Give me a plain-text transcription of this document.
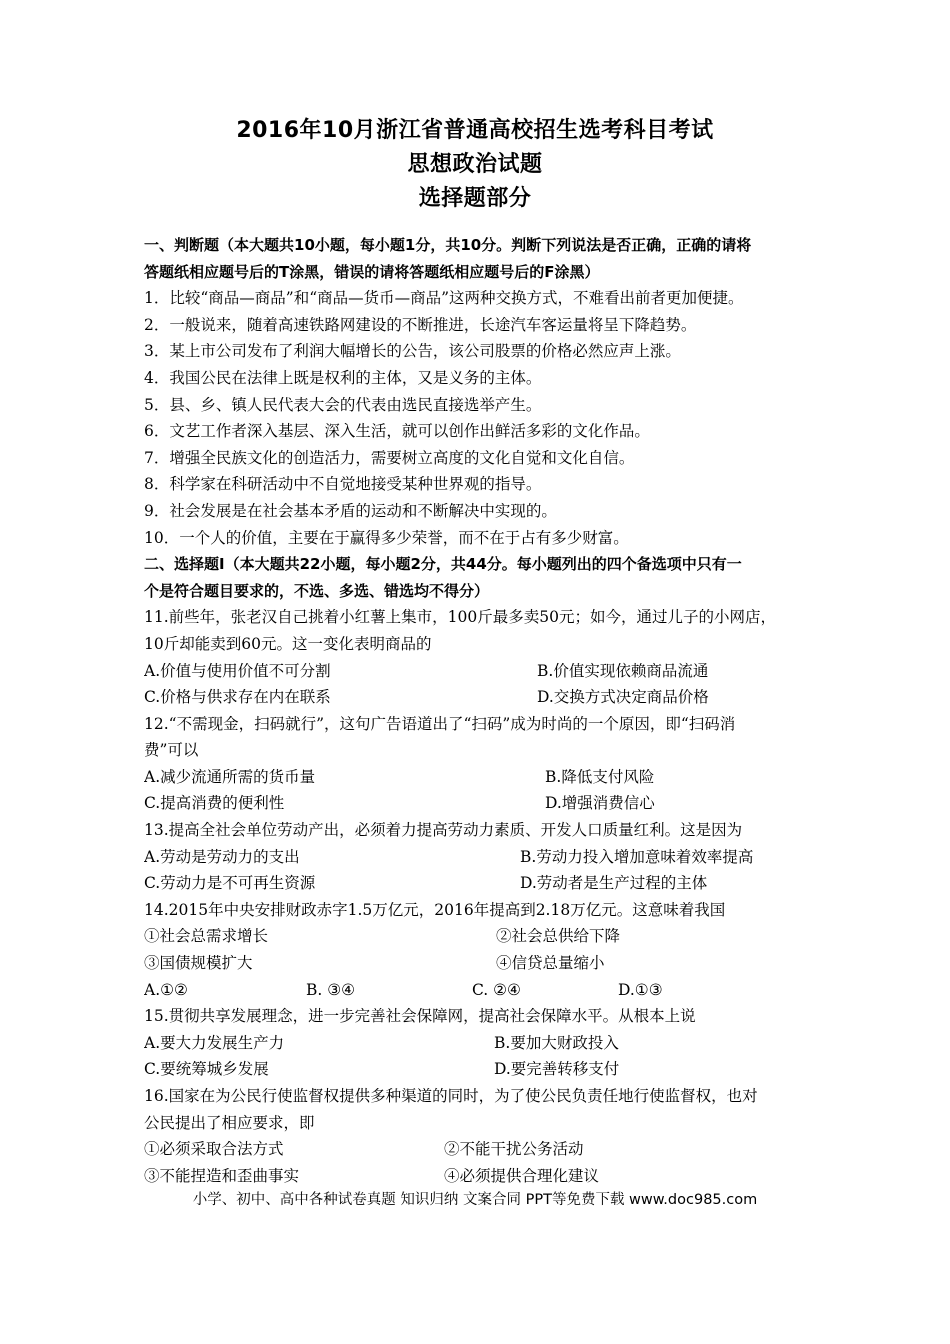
2016年10月浙江省普通高校招生选考科目考试
思想政治试题
选择题部分
一、判断题（本大题共10小题，每小题1分，共10分。判断下列说法是否正确，正确的请将
答题纸相应题号后的T涂黑，错误的请将答题纸相应题号后的F涂黑）
1．比较“商品—商品”和“商品—货币—商品”这两种交换方式，不难看出前者更加便捷。
2．一般说来，随着高速铁路网建设的不断推进，长途汽车客运量将呈下降趋势。
3．某上市公司发布了利润大幅增长的公告，该公司股票的价格必然应声上涨。
4．我国公民在法律上既是权利的主体，又是义务的主体。
5．县、乡、镇人民代表大会的代表由选民直接选举产生。
6．文艺工作者深入基层、深入生活，就可以创作出鲜活多彩的文化作品。
7．增强全民族文化的创造活力，需要树立高度的文化自觉和文化自信。
8．科学家在科研活动中不自觉地接受某种世界观的指导。
9．社会发展是在社会基本矛盾的运动和不断解决中实现的。
10．一个人的价值，主要在于赢得多少荣誉，而不在于占有多少财富。
二、选择题Ⅰ（本大题共22小题，每小题2分，共44分。每小题列出的四个备选项中只有一
个是符合题目要求的，不选、多选、错选均不得分）
11.前些年，张老汉自己挑着小红薯上集市，100斤最多卖50元；如今，通过儿子的小网店，
10斤却能卖到60元。这一变化表明商品的
A.价值与使用价值不可分割	B.价值实现依赖商品流通
C.价格与供求存在内在联系	D.交换方式决定商品价格
12.“不需现金，扫码就行”，这句广告语道出了“扫码”成为时尚的一个原因，即“扫码消
费”可以
A.减少流通所需的货币量	B.降低支付风险
C.提高消费的便利性	D.增强消费信心
13.提高全社会单位劳动产出，必须着力提高劳动力素质、开发人口质量红利。这是因为
A.劳动是劳动力的支出	B.劳动力投入增加意味着效率提高
C.劳动力是不可再生资源	D.劳动者是生产过程的主体
14.2015年中央安排财政赤字1.5万亿元，2016年提高到2.18万亿元。这意味着我国
①社会总需求增长	②社会总供给下降
③国债规模扩大	④信贷总量缩小
A.①②	B. ③④	C. ②④	D.①③
15.贯彻共享发展理念，进一步完善社会保障网，提高社会保障水平。从根本上说
A.要大力发展生产力	B.要加大财政投入
C.要统筹城乡发展	D.要完善转移支付
16.国家在为公民行使监督权提供多种渠道的同时，为了使公民负责任地行使监督权，也对
公民提出了相应要求，即
①必须采取合法方式	②不能干扰公务活动
③不能捏造和歪曲事实	④必须提供合理化建议
小学、初中、高中各种试卷真题 知识归纳 文案合同 PPT等免费下载 www.doc985.com
